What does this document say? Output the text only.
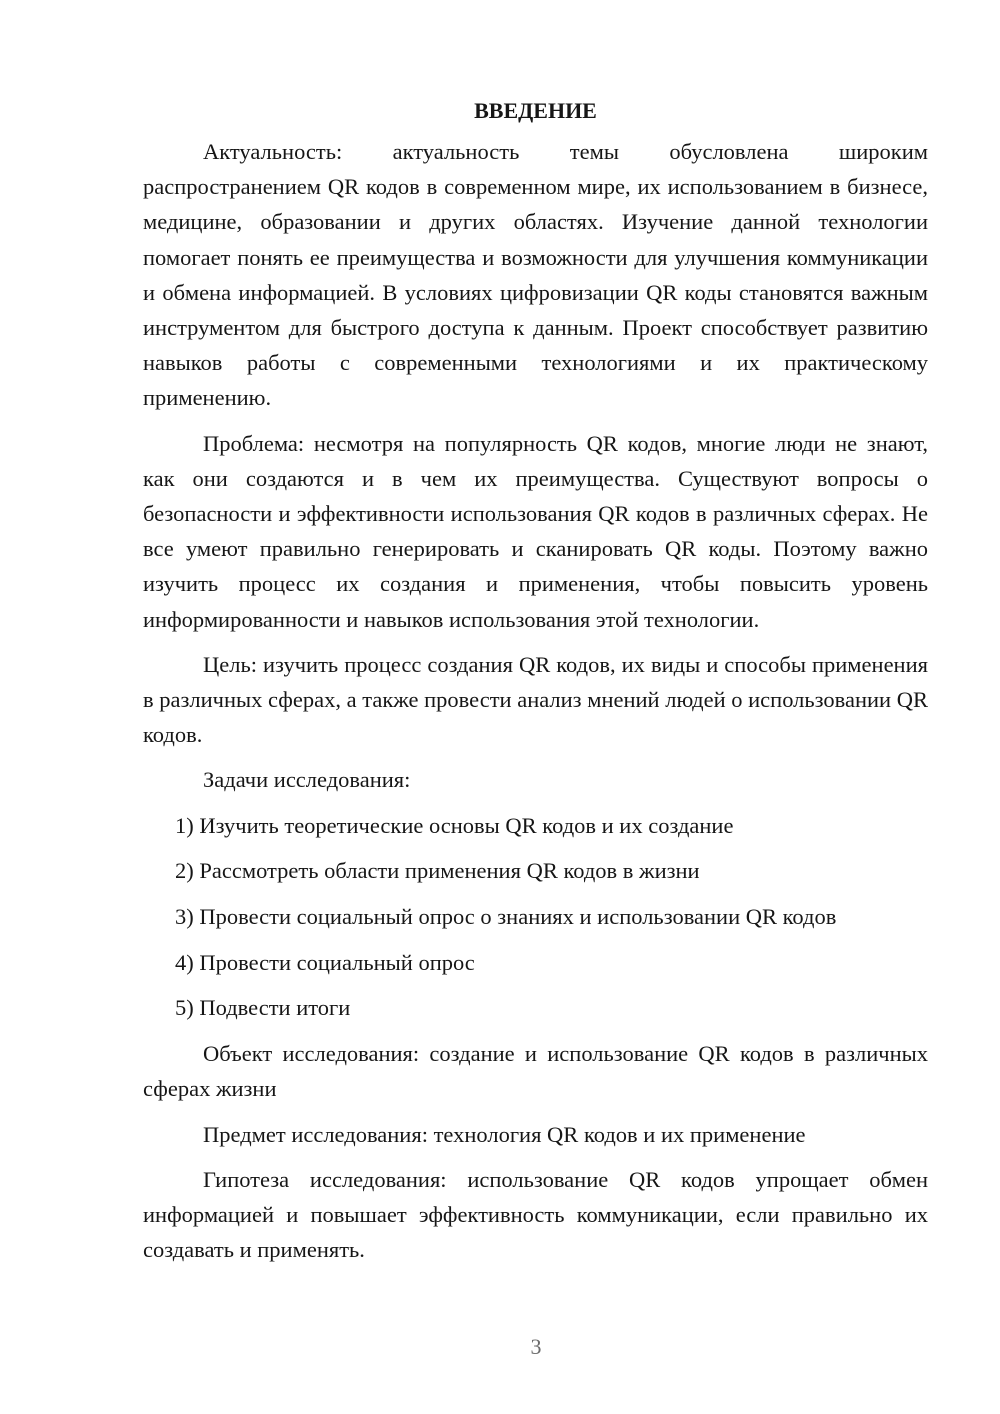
ВВЕДЕНИЕ

Актуальность: актуальность темы обусловлена широким распространением QR кодов в современном мире, их использованием в бизнесе, медицине, образовании и других областях. Изучение данной технологии помогает понять ее преимущества и возможности для улучшения коммуникации и обмена информацией. В условиях цифровизации QR коды становятся важным инструментом для быстрого доступа к данным. Проект способствует развитию навыков работы с современными технологиями и их практическому применению.

Проблема: несмотря на популярность QR кодов, многие люди не знают, как они создаются и в чем их преимущества. Существуют вопросы о безопасности и эффективности использования QR кодов в различных сферах. Не все умеют правильно генерировать и сканировать QR коды. Поэтому важно изучить процесс их создания и применения, чтобы повысить уровень информированности и навыков использования этой технологии.

Цель: изучить процесс создания QR кодов, их виды и способы применения в различных сферах, а также провести анализ мнений людей о использовании QR кодов.

Задачи исследования:

1) Изучить теоретические основы QR кодов и их создание

2) Рассмотреть области применения QR кодов в жизни

3) Провести социальный опрос о знаниях и использовании QR кодов

4) Провести социальный опрос

5) Подвести итоги

Объект исследования: создание и использование QR кодов в различных сферах жизни

Предмет исследования: технология QR кодов и их применение

Гипотеза исследования: использование QR кодов упрощает обмен информацией и повышает эффективность коммуникации, если правильно их создавать и применять.

3
